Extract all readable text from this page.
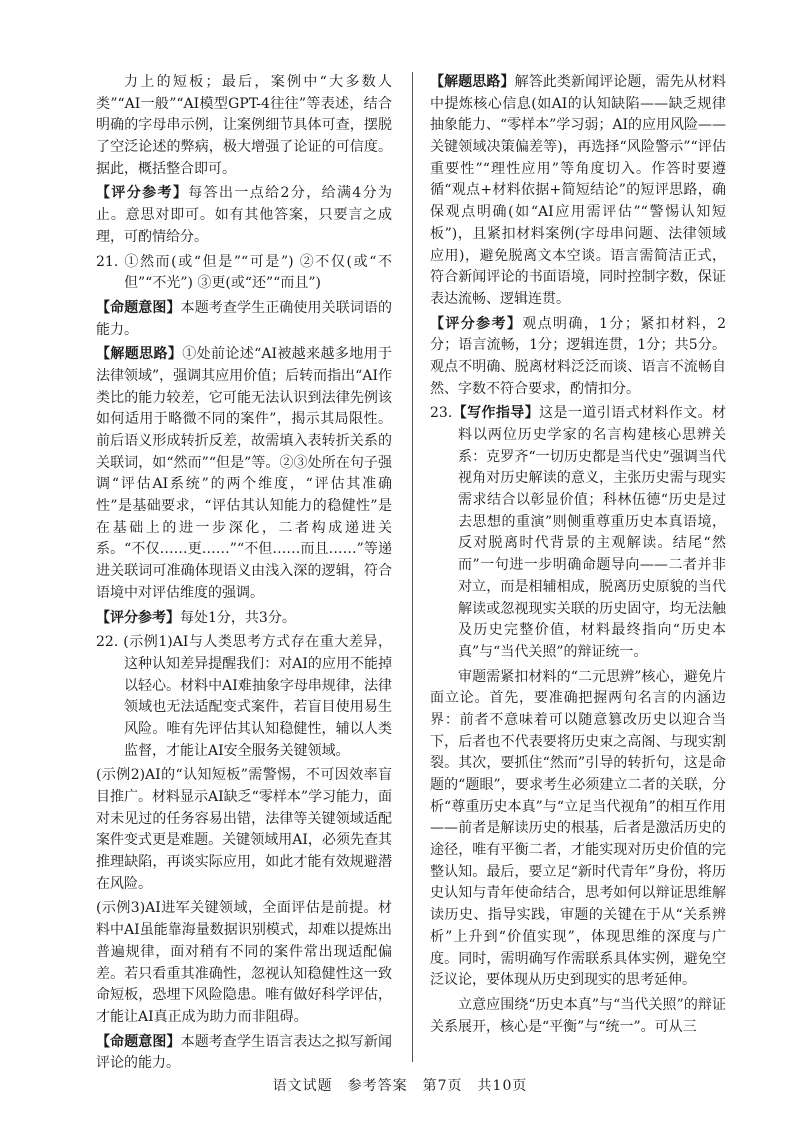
力上的短板；最后，案例中“大多数人类”“AI一般”“AI模型GPT-4往往”等表述，结合明确的字母串示例，让案例细节具体可查，摆脱了空泛论述的弊病，极大增强了论证的可信度。据此，概括整合即可。

【评分参考】每答出一点给2分，给满4分为止。意思对即可。如有其他答案，只要言之成理，可酌情给分。

21. ①然而(或“但是”“可是”) ②不仅(或“不但”“不光”) ③更(或“还”“而且”)

【命题意图】本题考查学生正确使用关联词语的能力。

【解题思路】①处前论述“AI被越来越多地用于法律领域”，强调其应用价值；后转而指出“AI作类比的能力较差，它可能无法认识到法律先例该如何适用于略微不同的案件”，揭示其局限性。前后语义形成转折反差，故需填入表转折关系的关联词，如“然而”“但是”等。②③处所在句子强调“评估AI系统”的两个维度，“评估其准确性”是基础要求，“评估其认知能力的稳健性”是在基础上的进一步深化，二者构成递进关系。“不仅……更……”“不但……而且……”等递进关联词可准确体现语义由浅入深的逻辑，符合语境中对评估维度的强调。

【评分参考】每处1分，共3分。

22. (示例1)AI与人类思考方式存在重大差异，这种认知差异提醒我们：对AI的应用不能掉以轻心。材料中AI难抽象字母串规律，法律领域也无法适配变式案件，若盲目使用易生风险。唯有先评估其认知稳健性，辅以人类监督，才能让AI安全服务关键领域。

(示例2)AI的“认知短板”需警惕，不可因效率盲目推广。材料显示AI缺乏“零样本”学习能力，面对未见过的任务容易出错，法律等关键领域适配案件变式更是难题。关键领域用AI，必须先查其推理缺陷，再谈实际应用，如此才能有效规避潜在风险。

(示例3)AI进军关键领域，全面评估是前提。材料中AI虽能靠海量数据识别模式，却难以提炼出普遍规律，面对稍有不同的案件常出现适配偏差。若只看重其准确性，忽视认知稳健性这一致命短板，恐埋下风险隐患。唯有做好科学评估，才能让AI真正成为助力而非阻碍。

【命题意图】本题考查学生语言表达之拟写新闻评论的能力。

【解题思路】解答此类新闻评论题，需先从材料中提炼核心信息(如AI的认知缺陷——缺乏规律抽象能力、“零样本”学习弱；AI的应用风险——关键领域决策偏差等)，再选择“风险警示”“评估重要性”“理性应用”等角度切入。作答时要遵循“观点+材料依据+简短结论”的短评思路，确保观点明确(如“AI应用需评估”“警惕认知短板”)，且紧扣材料案例(字母串问题、法律领域应用)，避免脱离文本空谈。语言需简洁正式，符合新闻评论的书面语境，同时控制字数，保证表达流畅、逻辑连贯。

【评分参考】观点明确，1分；紧扣材料，2分；语言流畅，1分；逻辑连贯，1分；共5分。观点不明确、脱离材料泛泛而谈、语言不流畅自然、字数不符合要求，酌情扣分。

23.【写作指导】这是一道引语式材料作文。材料以两位历史学家的名言构建核心思辨关系：克罗齐“一切历史都是当代史”强调当代视角对历史解读的意义，主张历史需与现实需求结合以彰显价值；科林伍德“历史是过去思想的重演”则侧重尊重历史本真语境，反对脱离时代背景的主观解读。结尾“然而”一句进一步明确命题导向——二者并非对立，而是相辅相成，脱离历史原貌的当代解读或忽视现实关联的历史固守，均无法触及历史完整价值，材料最终指向“历史本真”与“当代关照”的辩证统一。

审题需紧扣材料的“二元思辨”核心，避免片面立论。首先，要准确把握两句名言的内涵边界：前者不意味着可以随意篡改历史以迎合当下，后者也不代表要将历史束之高阁、与现实割裂。其次，要抓住“然而”引导的转折句，这是命题的“题眼”，要求考生必须建立二者的关联，分析“尊重历史本真”与“立足当代视角”的相互作用——前者是解读历史的根基，后者是激活历史的途径，唯有平衡二者，才能实现对历史价值的完整认知。最后，要立足“新时代青年”身份，将历史认知与青年使命结合，思考如何以辩证思维解读历史、指导实践，审题的关键在于从“关系辨析”上升到“价值实现”，体现思维的深度与广度。同时，需明确写作需联系具体实例，避免空泛议论，要体现从历史到现实的思考延伸。

立意应围绕“历史本真”与“当代关照”的辩证关系展开，核心是“平衡”与“统一”。可从三

语文试题　参考答案　第7页　共10页
